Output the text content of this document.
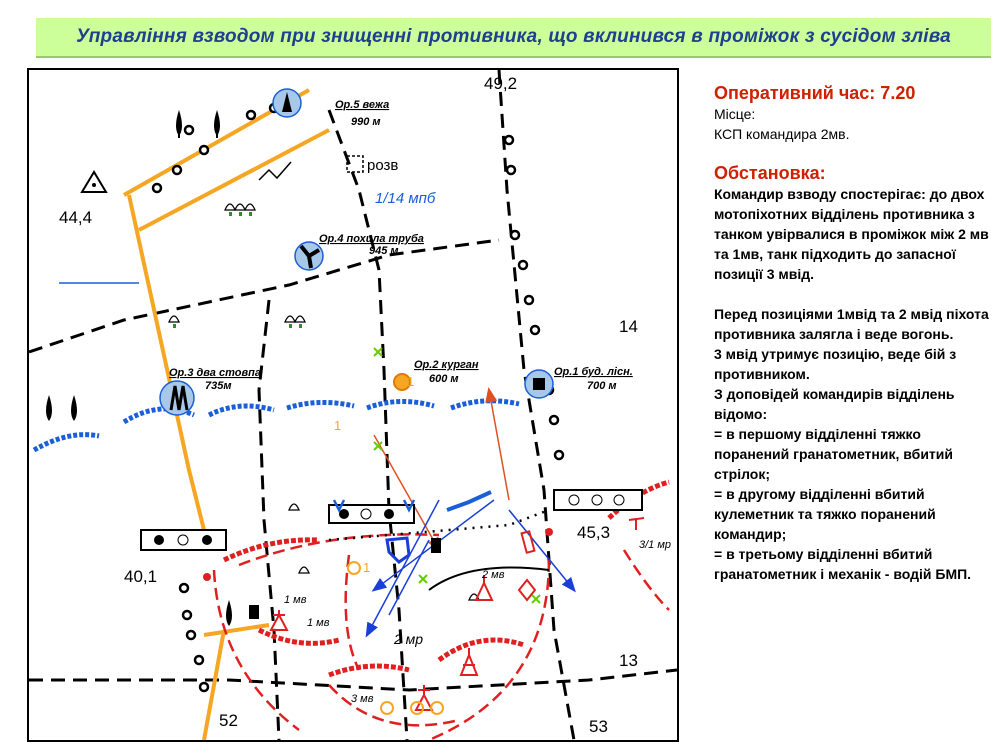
Управління взводом при знищенні противника, що вклинився в проміжок з сусідом зліва
49,2
44,4
40,1
45,3
14
13
52	53
Ор.5 вежа
990 м
Ор.4 похила труба
945 м
Ор.3 два стовпа
735м
Ор.2 курган
600 м
Ор.1 буд. лісн.
700 м
розв
1/14 мпб
1 мв
1 мв
2 мв
3 мв
3/1 мр
2 мр
1
1
1

Оперативний час: 7.20

Місце:

КСП командира 2мв.

Обстановка:

Командир взводу спостерігає: до двох мотопіхотних відділень противника з танком увірвалися в проміжок між 2 мв та 1мв, танк підходить до запасної позиції 3 мвід.

Перед позиціями 1мвід та 2 мвід піхота противника залягла і веде вогонь.

3 мвід утримує позицію, веде бій з противником.

З доповідей командирів відділень відомо:

= в першому відділенні тяжко поранений гранатометник, вбитий стрілок;

= в другому відділенні вбитий кулеметник та тяжко поранений командир;

= в третьому відділенні вбитий гранатометник і механік - водій БМП.
